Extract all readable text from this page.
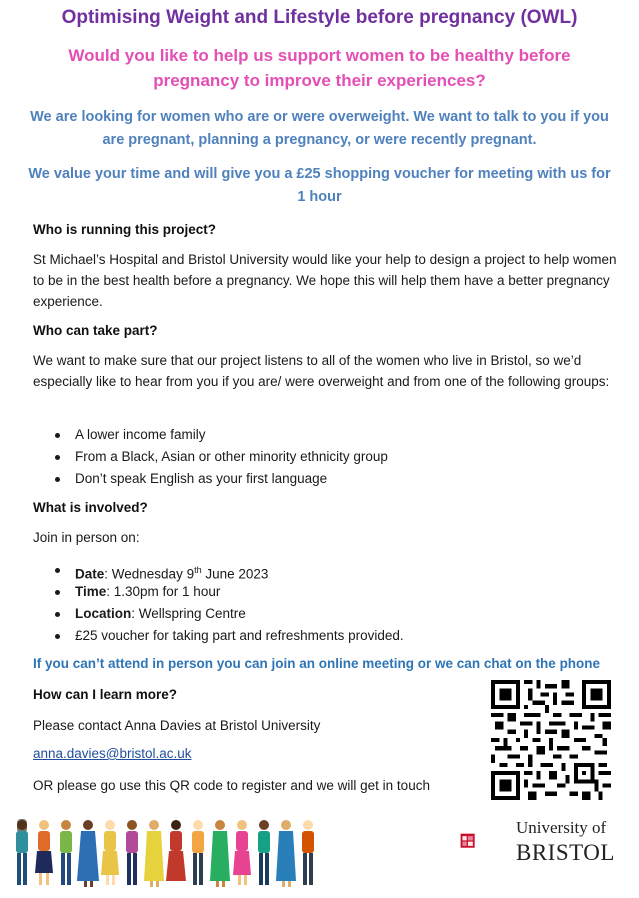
Optimising Weight and Lifestyle before pregnancy (OWL)
Would you like to help us support women to be healthy before pregnancy to improve their experiences?
We are looking for women who are or were overweight. We want to talk to you if you are pregnant, planning a pregnancy, or were recently pregnant.
We value your time and will give you a £25 shopping voucher for meeting with us for 1 hour
Who is running this project?
St Michael’s Hospital and Bristol University would like your help to design a project to help women to be in the best health before a pregnancy. We hope this will help them have a better pregnancy experience.
Who can take part?
We want to make sure that our project listens to all of the women who live in Bristol, so we’d especially like to hear from you if you are/ were overweight and from one of the following groups:
A lower income family
From a Black, Asian or other minority ethnicity group
Don’t speak English as your first language
What is involved?
Join in person on:
Date: Wednesday 9th June 2023
Time: 1.30pm for 1 hour
Location: Wellspring Centre
£25 voucher for taking part and refreshments provided.
If you can’t attend in person you can join an online meeting or we can chat on the phone
How can I learn more?
Please contact Anna Davies at Bristol University
anna.davies@bristol.ac.uk
OR please go use this QR code to register and we will get in touch
University of
BRISTOL
